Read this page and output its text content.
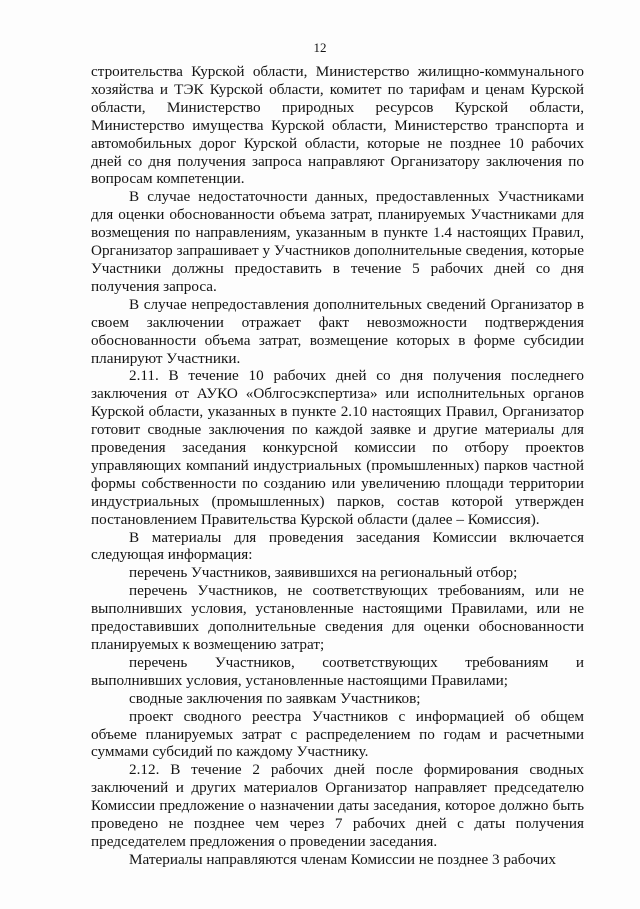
12

строительства Курской области, Министерство жилищно-коммунального хозяйства и ТЭК Курской области, комитет по тарифам и ценам Курской области, Министерство природных ресурсов Курской области, Министерство имущества Курской области, Министерство транспорта и автомобильных дорог Курской области, которые не позднее 10 рабочих дней со дня получения запроса направляют Организатору заключения по вопросам компетенции.

В случае недостаточности данных, предоставленных Участниками для оценки обоснованности объема затрат, планируемых Участниками для возмещения по направлениям, указанным в пункте 1.4 настоящих Правил, Организатор запрашивает у Участников дополнительные сведения, которые Участники должны предоставить в течение 5 рабочих дней со дня получения запроса.

В случае непредоставления дополнительных сведений Организатор в своем заключении отражает факт невозможности подтверждения обоснованности объема затрат, возмещение которых в форме субсидии планируют Участники.

2.11. В течение 10 рабочих дней со дня получения последнего заключения от АУКО «Облгосэкспертиза» или исполнительных органов Курской области, указанных в пункте 2.10 настоящих Правил, Организатор готовит сводные заключения по каждой заявке и другие материалы для проведения заседания конкурсной комиссии по отбору проектов управляющих компаний индустриальных (промышленных) парков частной формы собственности по созданию или увеличению площади территории индустриальных (промышленных) парков, состав которой утвержден постановлением Правительства Курской области (далее – Комиссия).

В материалы для проведения заседания Комиссии включается следующая информация:

перечень Участников, заявившихся на региональный отбор;

перечень Участников, не соответствующих требованиям, или не выполнивших условия, установленные настоящими Правилами, или не предоставивших дополнительные сведения для оценки обоснованности планируемых к возмещению затрат;

перечень Участников, соответствующих требованиям и выполнивших условия, установленные настоящими Правилами;

сводные заключения по заявкам Участников;

проект сводного реестра Участников с информацией об общем объеме планируемых затрат с распределением по годам и расчетными суммами субсидий по каждому Участнику.

2.12. В течение 2 рабочих дней после формирования сводных заключений и других материалов Организатор направляет председателю Комиссии предложение о назначении даты заседания, которое должно быть проведено не позднее чем через 7 рабочих дней с даты получения председателем предложения о проведении заседания.

Материалы направляются членам Комиссии не позднее 3 рабочих
